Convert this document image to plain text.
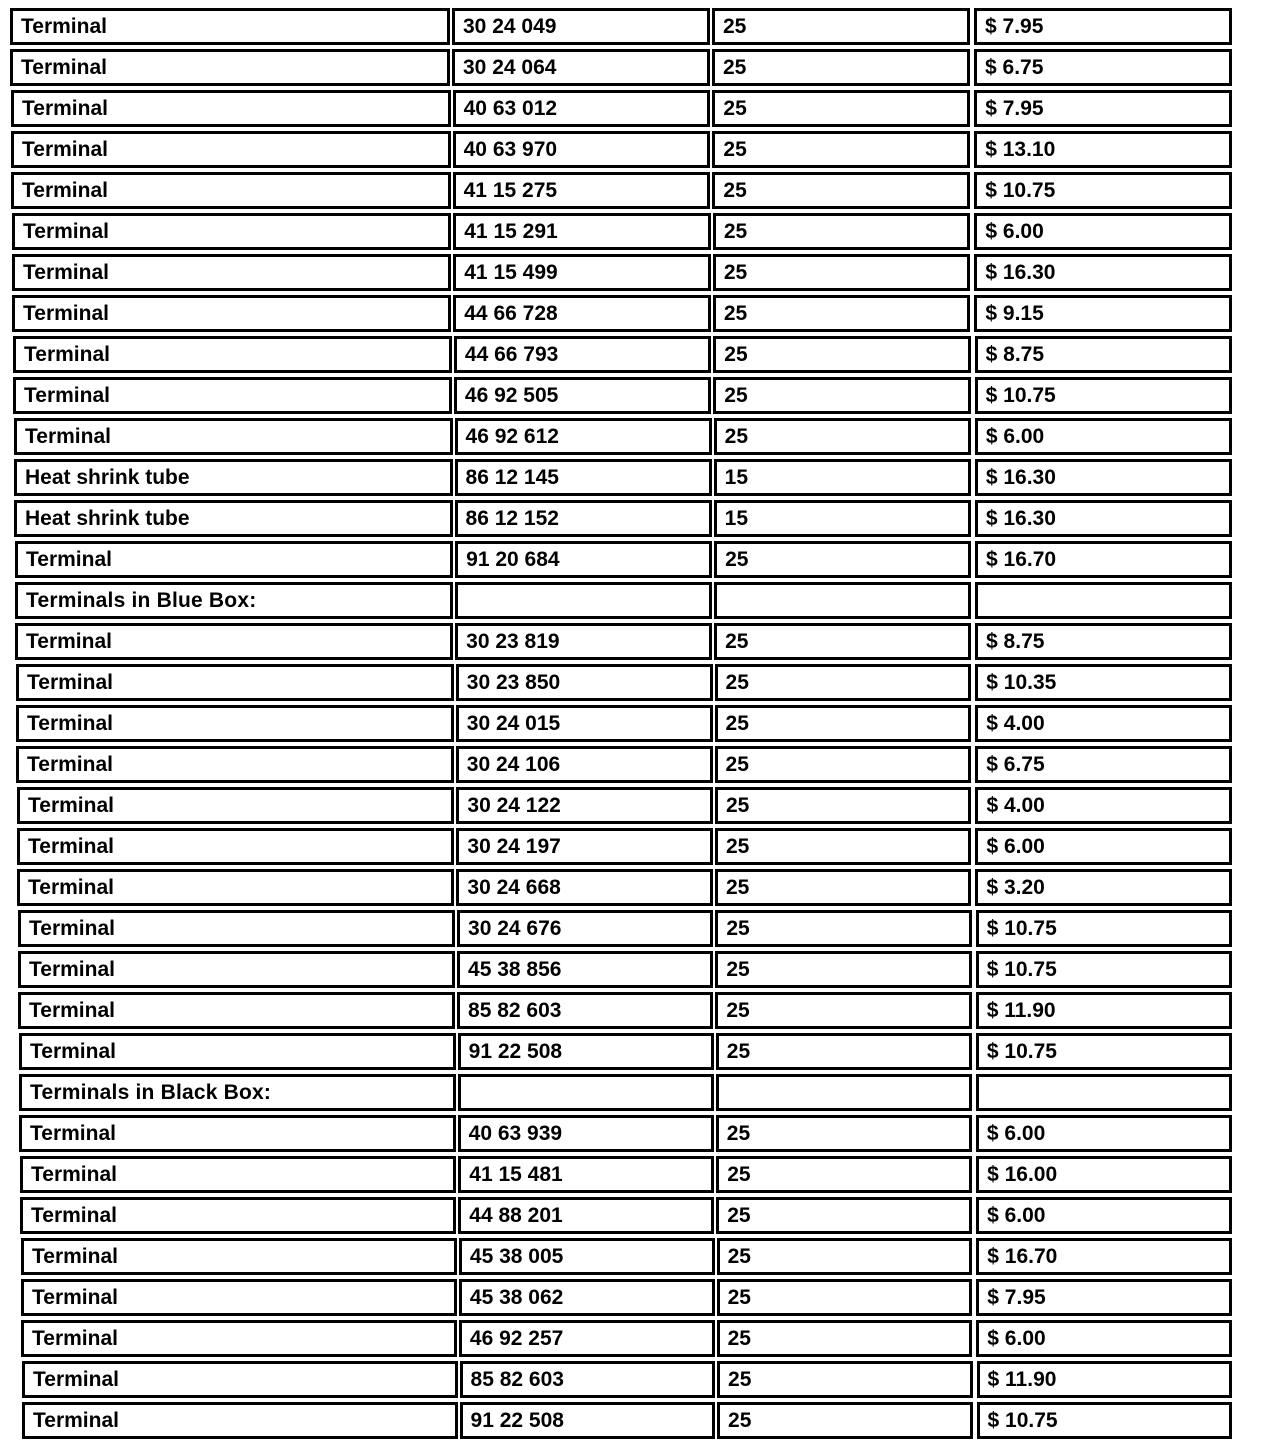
Terminal	30 24 049	25	$ 7.95
Terminal	30 24 064	25	$ 6.75
Terminal	40 63 012	25	$ 7.95
Terminal	40 63 970	25	$ 13.10
Terminal	41 15 275	25	$ 10.75
Terminal	41 15 291	25	$ 6.00
Terminal	41 15 499	25	$ 16.30
Terminal	44 66 728	25	$ 9.15
Terminal	44 66 793	25	$ 8.75
Terminal	46 92 505	25	$ 10.75
Terminal	46 92 612	25	$ 6.00
Heat shrink tube	86 12 145	15	$ 16.30
Heat shrink tube	86 12 152	15	$ 16.30
Terminal	91 20 684	25	$ 16.70
Terminals in Blue Box:
Terminal	30 23 819	25	$ 8.75
Terminal	30 23 850	25	$ 10.35
Terminal	30 24 015	25	$ 4.00
Terminal	30 24 106	25	$ 6.75
Terminal	30 24 122	25	$ 4.00
Terminal	30 24 197	25	$ 6.00
Terminal	30 24 668	25	$ 3.20
Terminal	30 24 676	25	$ 10.75
Terminal	45 38 856	25	$ 10.75
Terminal	85 82 603	25	$ 11.90
Terminal	91 22 508	25	$ 10.75
Terminals in Black Box:
Terminal	40 63 939	25	$ 6.00
Terminal	41 15 481	25	$ 16.00
Terminal	44 88 201	25	$ 6.00
Terminal	45 38 005	25	$ 16.70
Terminal	45 38 062	25	$ 7.95
Terminal	46 92 257	25	$ 6.00
Terminal	85 82 603	25	$ 11.90
Terminal	91 22 508	25	$ 10.75
